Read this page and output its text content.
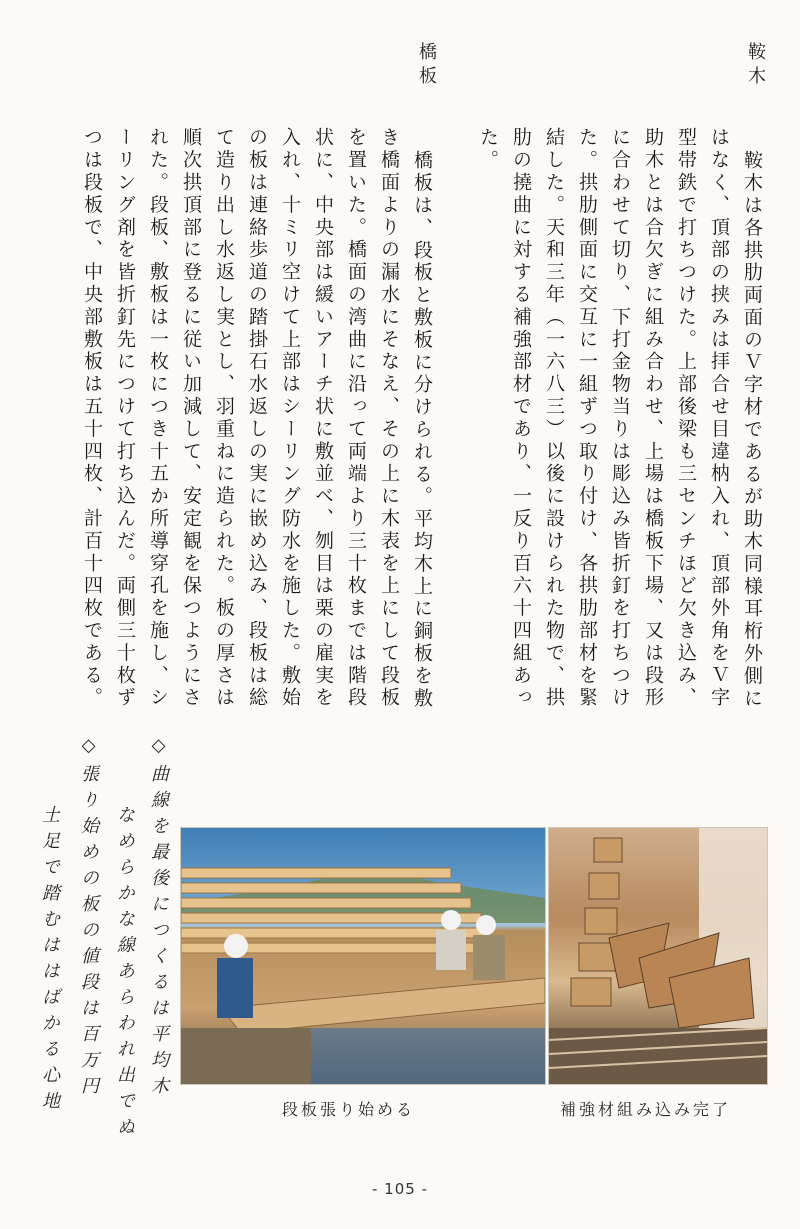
鞍木
橋板
鞍木は各拱肋両面のＶ字材であるが助木同様耳桁外側に
はなく、頂部の挟みは拝合せ目違枘入れ、頂部外角をＶ字
型帯鉄で打ちつけた。上部後梁も三センチほど欠き込み、
助木とは合欠ぎに組み合わせ、上場は橋板下場、又は段形
に合わせて切り、下打金物当りは彫込み皆折釘を打ちつけ
た。拱肋側面に交互に一組ずつ取り付け、各拱肋部材を緊
結した。天和三年（一六八三）以後に設けられた物で、拱
肋の撓曲に対する補強部材であり、一反り百六十四組あっ
た。
橋板は、段板と敷板に分けられる。平均木上に銅板を敷
き橋面よりの漏水にそなえ、その上に木表を上にして段板
を置いた。橋面の湾曲に沿って両端より三十枚までは階段
状に、中央部は緩いアーチ状に敷並べ、刎目は栗の雇実を
入れ、十ミリ空けて上部はシーリング防水を施した。敷始
の板は連絡歩道の踏掛石水返しの実に嵌め込み、段板は総
て造り出し水返し実とし、羽重ねに造られた。板の厚さは
順次拱頂部に登るに従い加減して、安定観を保つようにさ
れた。段板、敷板は一枚につき十五か所導穿孔を施し、シ
ーリング剤を皆折釘先につけて打ち込んだ。両側三十枚ず
つは段板で、中央部敷板は五十四枚、計百十四枚である。
◇曲線を最後につくるは平均木
なめらかな線あらわれ出でぬ
◇張り始めの板の値段は百万円
土足で踏むははばかる心地	段板張り始める	補強材組み込み完了
- 105 -
